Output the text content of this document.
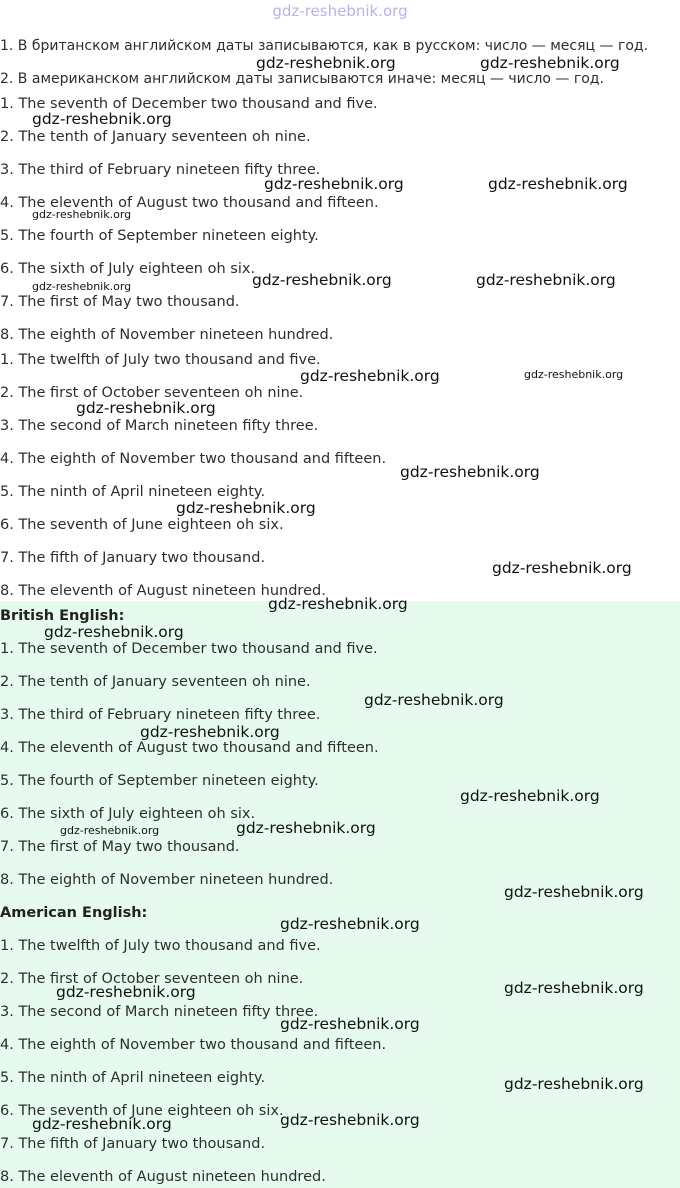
gdz-reshebnik.org
1. В британском английском даты записываются, как в русском: число — месяц — год.
2. В американском английском даты записываются иначе: месяц — число — год.
1. The seventh of December two thousand and five.
2. The tenth of January seventeen oh nine.
3. The third of February nineteen fifty three.
4. The eleventh of August two thousand and fifteen.
5. The fourth of September nineteen eighty.
6. The sixth of July eighteen oh six.
7. The first of May two thousand.
8. The eighth of November nineteen hundred.
1. The twelfth of July two thousand and five.
2. The first of October seventeen oh nine.
3. The second of March nineteen fifty three.
4. The eighth of November two thousand and fifteen.
5. The ninth of April nineteen eighty.
6. The seventh of June eighteen oh six.
7. The fifth of January two thousand.
8. The eleventh of August nineteen hundred.
British English:
1. The seventh of December two thousand and five.
2. The tenth of January seventeen oh nine.
3. The third of February nineteen fifty three.
4. The eleventh of August two thousand and fifteen.
5. The fourth of September nineteen eighty.
6. The sixth of July eighteen oh six.
7. The first of May two thousand.
8. The eighth of November nineteen hundred.
American English:
1. The twelfth of July two thousand and five.
2. The first of October seventeen oh nine.
3. The second of March nineteen fifty three.
4. The eighth of November two thousand and fifteen.
5. The ninth of April nineteen eighty.
6. The seventh of June eighteen oh six.
7. The fifth of January two thousand.
8. The eleventh of August nineteen hundred.
gdz-reshebnik.org	gdz-reshebnik.org
gdz-reshebnik.org
gdz-reshebnik.org	gdz-reshebnik.org
gdz-reshebnik.org
gdz-reshebnik.org	gdz-reshebnik.org
gdz-reshebnik.org
gdz-reshebnik.org	gdz-reshebnik.org
gdz-reshebnik.org
gdz-reshebnik.org
gdz-reshebnik.org
gdz-reshebnik.org
gdz-reshebnik.org
gdz-reshebnik.org
gdz-reshebnik.org
gdz-reshebnik.org
gdz-reshebnik.org
gdz-reshebnik.org	gdz-reshebnik.org
gdz-reshebnik.org
gdz-reshebnik.org
gdz-reshebnik.org	gdz-reshebnik.org
gdz-reshebnik.org
gdz-reshebnik.org
gdz-reshebnik.org	gdz-reshebnik.org
